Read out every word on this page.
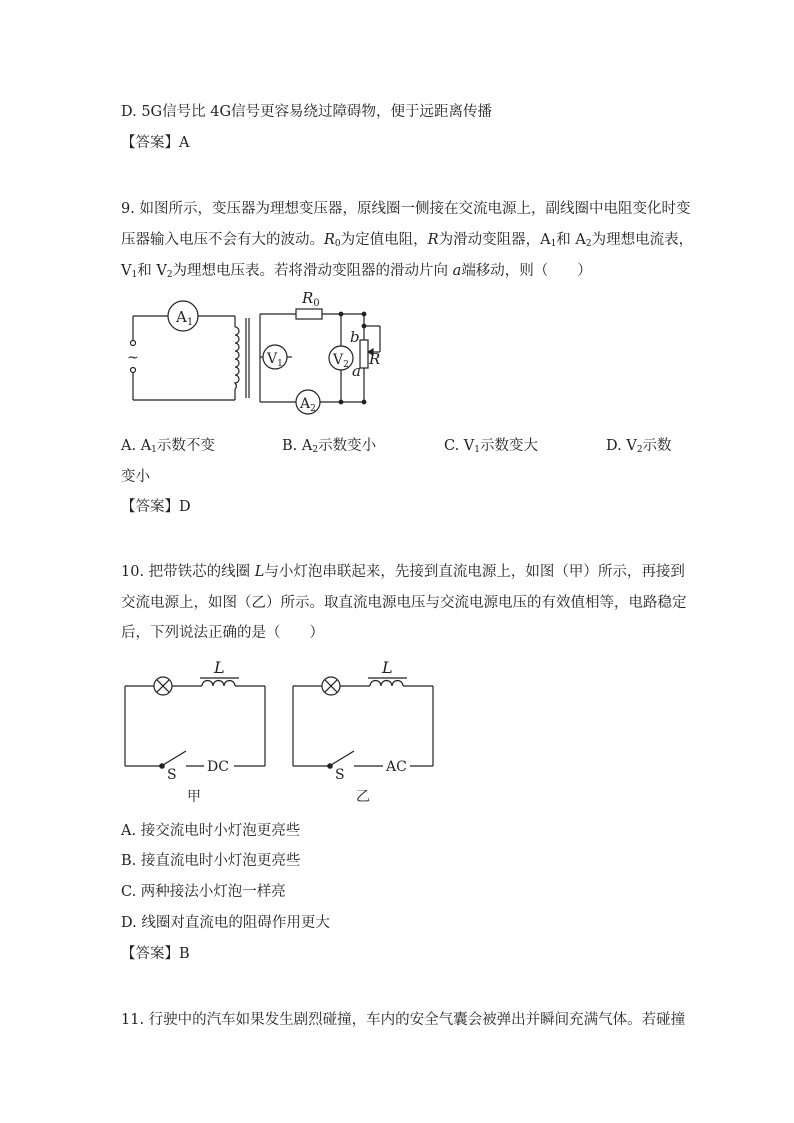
D. 5G信号比 4G信号更容易绕过障碍物，便于远距离传播
【答案】A
9. 如图所示，变压器为理想变压器，原线圈一侧接在交流电源上，副线圈中电阻变化时变
压器输入电压不会有大的波动。$R_0$为定值电阻，R为滑动变阻器，$A_1$和 $A_2$为理想电流表，
$V_1$和 $V_2$为理想电压表。若将滑动变阻器的滑动片向 a端移动，则（　　）
$A_1$
$V_1$	$V_2$
$A_2$
$R_0$
R
b
a
~
A. $A_1$示数不变	B. $A_2$示数变小	C. $V_1$示数变大	D. $V_2$示数
变小
【答案】D
10. 把带铁芯的线圈 L与小灯泡串联起来，先接到直流电源上，如图（甲）所示，再接到
交流电源上，如图（乙）所示。取直流电源电压与交流电源电压的有效值相等，电路稳定
后，下列说法正确的是（　　）
L
S DC
甲
L
S	AC
乙
A. 接交流电时小灯泡更亮些
B. 接直流电时小灯泡更亮些
C. 两种接法小灯泡一样亮
D. 线圈对直流电的阻碍作用更大
【答案】B
11. 行驶中的汽车如果发生剧烈碰撞，车内的安全气囊会被弹出并瞬间充满气体。若碰撞
